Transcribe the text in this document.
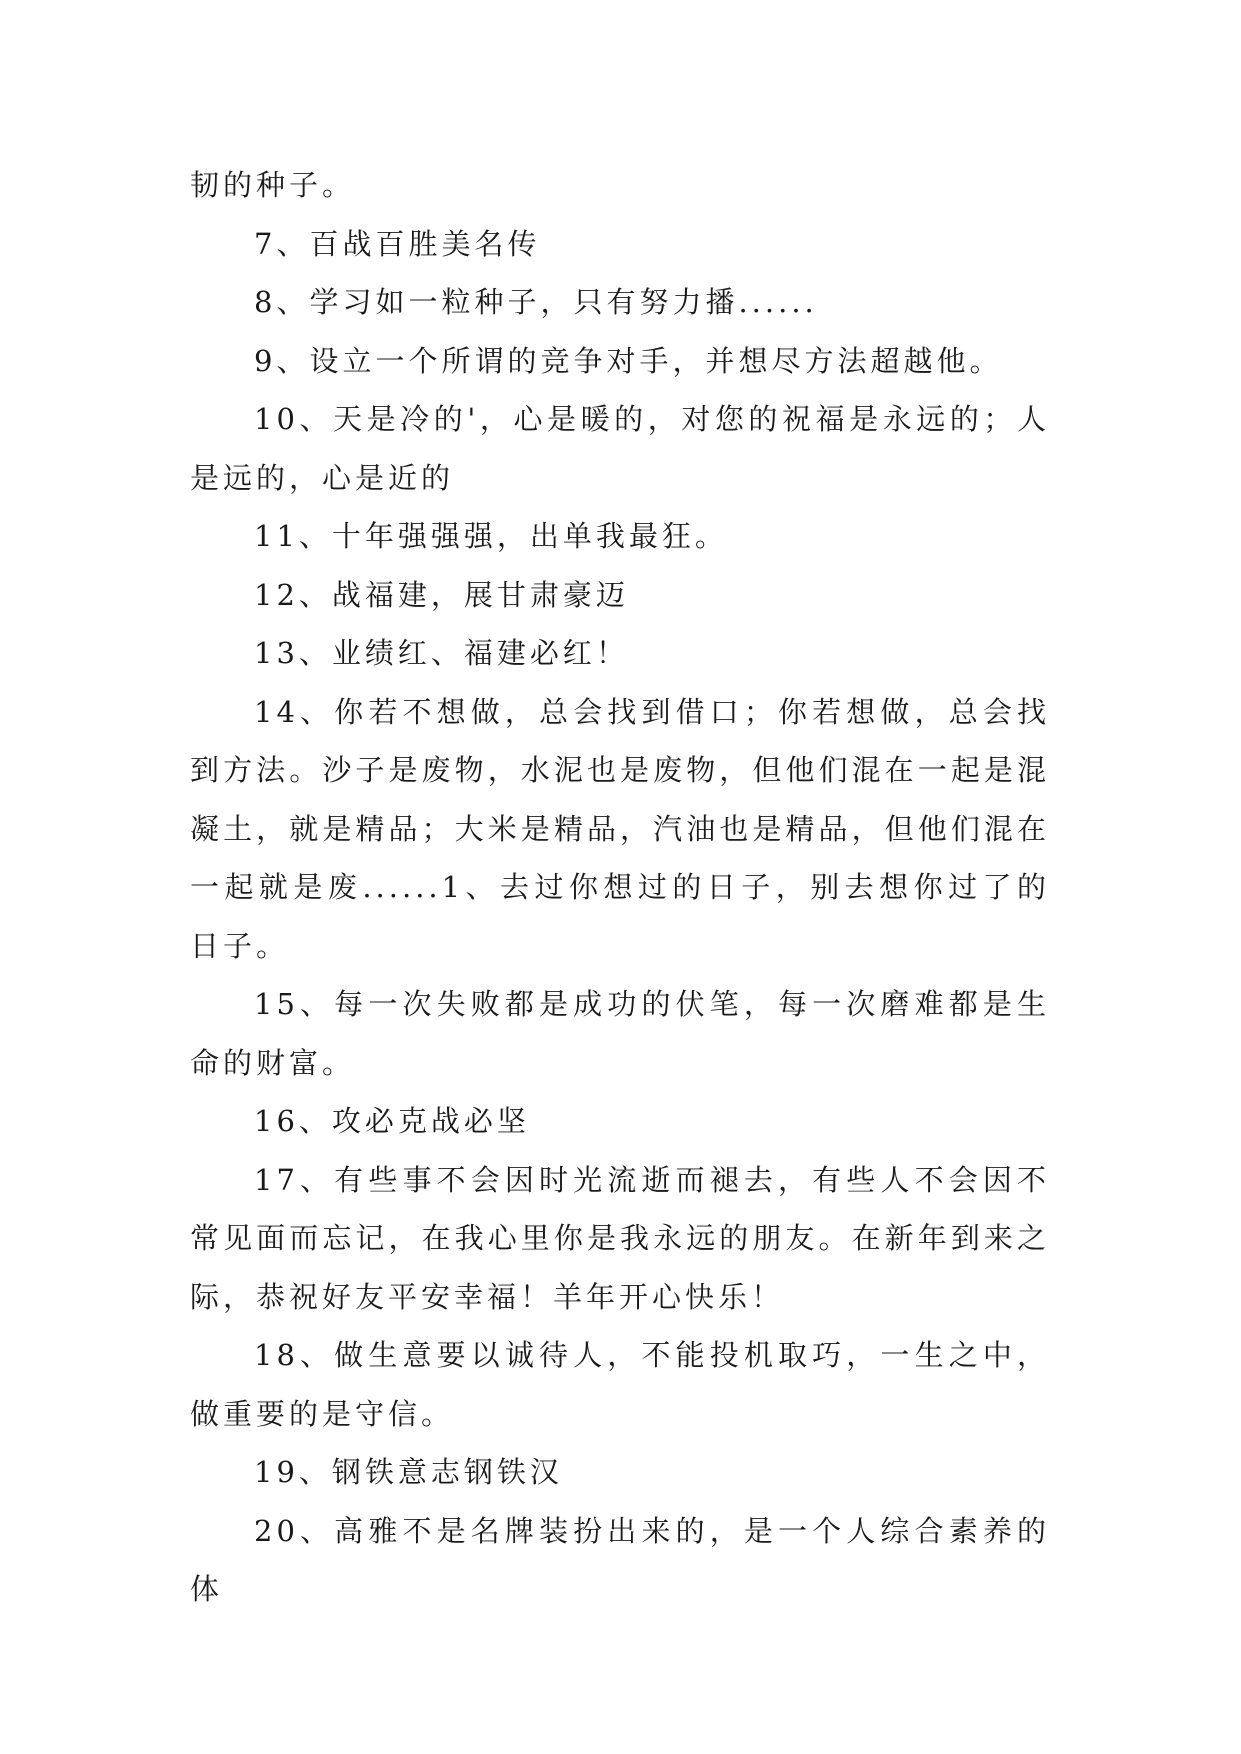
韧的种子。

7、百战百胜美名传

8、学习如一粒种子，只有努力播......

9、设立一个所谓的竞争对手，并想尽方法超越他。

10、天是冷的'，心是暖的，对您的祝福是永远的；人是远的，心是近的

11、十年强强强，出单我最狂。

12、战福建，展甘肃豪迈

13、业绩红、福建必红！

14、你若不想做，总会找到借口；你若想做，总会找到方法。沙子是废物，水泥也是废物，但他们混在一起是混凝土，就是精品；大米是精品，汽油也是精品，但他们混在一起就是废......1、去过你想过的日子，别去想你过了的日子。

15、每一次失败都是成功的伏笔，每一次磨难都是生命的财富。

16、攻必克战必坚

17、有些事不会因时光流逝而褪去，有些人不会因不常见面而忘记，在我心里你是我永远的朋友。在新年到来之际，恭祝好友平安幸福！羊年开心快乐！

18、做生意要以诚待人，不能投机取巧，一生之中，做重要的是守信。

19、钢铁意志钢铁汉

20、高雅不是名牌装扮出来的，是一个人综合素养的体
